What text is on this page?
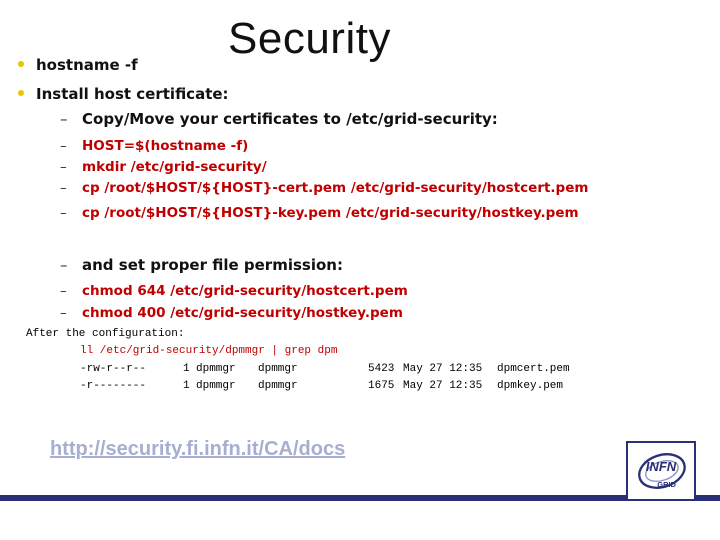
Security
hostname -f
Install host certificate:
– Copy/Move your certificates to /etc/grid-security:
– HOST=$(hostname -f)
– mkdir /etc/grid-security/
– cp /root/$HOST/${HOST}-cert.pem /etc/grid-security/hostcert.pem
– cp /root/$HOST/${HOST}-key.pem /etc/grid-security/hostkey.pem
– and set proper file permission:
– chmod 644 /etc/grid-security/hostcert.pem
– chmod 400 /etc/grid-security/hostkey.pem
After the configuration:
ll /etc/grid-security/dpmmgr | grep dpm
-rw-r--r--	1 dpmmgr dpmmgr	5423 May 27 12:35 dpmcert.pem
-r--------	1 dpmmgr dpmmgr	1675 May 27 12:35 dpmkey.pem
http://security.fi.infn.it/CA/docs
INFN
GRID
